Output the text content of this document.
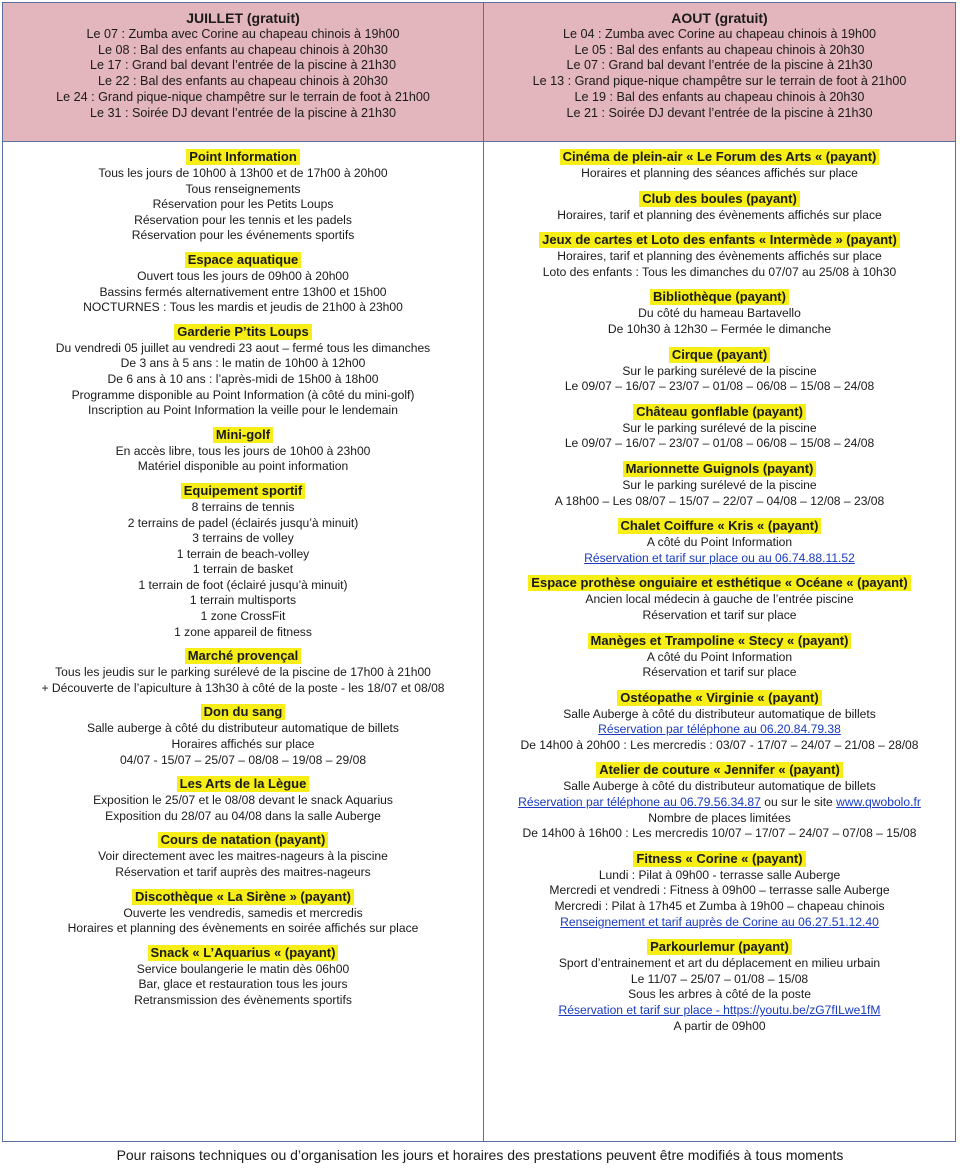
JUILLET (gratuit)
Le 07 : Zumba avec Corine au chapeau chinois à 19h00
Le 08 : Bal des enfants au chapeau chinois à 20h30
Le 17 : Grand bal devant l’entrée de la piscine à 21h30
Le 22 : Bal des enfants au chapeau chinois à 20h30
Le 24 : Grand pique-nique champêtre sur le terrain de foot à 21h00
Le 31 : Soirée DJ devant l’entrée de la piscine à 21h30
AOUT (gratuit)
Le 04 : Zumba avec Corine au chapeau chinois à 19h00
Le 05 : Bal des enfants au chapeau chinois à 20h30
Le 07 : Grand bal devant l’entrée de la piscine à 21h30
Le 13 : Grand pique-nique champêtre sur le terrain de foot à 21h00
Le 19 : Bal des enfants au chapeau chinois à 20h30
Le 21 : Soirée DJ devant l’entrée de la piscine à 21h30
Point Information
Tous les jours de 10h00 à 13h00 et de 17h00 à 20h00
Tous renseignements
Réservation pour les Petits Loups
Réservation pour les tennis et les padels
Réservation pour les événements sportifs
Espace aquatique
Ouvert tous les jours de 09h00 à 20h00
Bassins fermés alternativement entre 13h00 et 15h00
NOCTURNES : Tous les mardis et jeudis de 21h00 à 23h00
Garderie P’tits Loups
Du vendredi 05 juillet au vendredi 23 aout – fermé tous les dimanches
De 3 ans à 5 ans : le matin de 10h00 à 12h00
De 6 ans à 10 ans : l’après-midi de 15h00 à 18h00
Programme disponible au Point Information (à côté du mini-golf)
Inscription au Point Information la veille pour le lendemain
Mini-golf
En accès libre, tous les jours de 10h00 à 23h00
Matériel disponible au point information
Equipement sportif
8 terrains de tennis
2 terrains de padel (éclairés jusqu’à minuit)
3 terrains de volley
1 terrain de beach-volley
1 terrain de basket
1 terrain de foot (éclairé jusqu’à minuit)
1 terrain multisports
1 zone CrossFit
1 zone appareil de fitness
Marché provençal
Tous les jeudis sur le parking surélevé de la piscine de 17h00 à 21h00
+ Découverte de l’apiculture à 13h30 à côté de la poste - les 18/07 et 08/08
Don du sang
Salle auberge à côté du distributeur automatique de billets
Horaires affichés sur place
04/07 - 15/07 – 25/07 – 08/08 – 19/08 – 29/08
Les Arts de la Lègue
Exposition le 25/07 et le 08/08 devant le snack Aquarius
Exposition du 28/07 au 04/08 dans la salle Auberge
Cours de natation (payant)
Voir directement avec les maitres-nageurs à la piscine
Réservation et tarif auprès des maitres-nageurs
Discothèque « La Sirène » (payant)
Ouverte les vendredis, samedis et mercredis
Horaires et planning des évènements en soirée affichés sur place
Snack « L’Aquarius « (payant)
Service boulangerie le matin dès 06h00
Bar, glace et restauration tous les jours
Retransmission des évènements sportifs
Cinéma de plein-air « Le Forum des Arts « (payant)
Horaires et planning des séances affichés sur place
Club des boules (payant)
Horaires, tarif et planning des évènements affichés sur place
Jeux de cartes et Loto des enfants « Intermède » (payant)
Horaires, tarif et planning des évènements affichés sur place
Loto des enfants : Tous les dimanches du 07/07 au 25/08 à 10h30
Bibliothèque (payant)
Du côté du hameau Bartavello
De 10h30 à 12h30 – Fermée le dimanche
Cirque (payant)
Sur le parking surélevé de la piscine
Le 09/07 – 16/07 – 23/07 – 01/08 – 06/08 – 15/08 – 24/08
Château gonflable (payant)
Sur le parking surélevé de la piscine
Le 09/07 – 16/07 – 23/07 – 01/08 – 06/08 – 15/08 – 24/08
Marionnette Guignols (payant)
Sur le parking surélevé de la piscine
A 18h00 – Les 08/07 – 15/07 – 22/07 – 04/08 – 12/08 – 23/08
Chalet Coiffure « Kris « (payant)
A côté du Point Information
Réservation et tarif sur place ou au 06.74.88.11.52
Espace prothèse onguiaire et esthétique « Océane « (payant)
Ancien local médecin à gauche de l’entrée piscine
Réservation et tarif sur place
Manèges et Trampoline « Stecy « (payant)
A côté du Point Information
Réservation et tarif sur place
Ostéopathe « Virginie « (payant)
Salle Auberge à côté du distributeur automatique de billets
Réservation par téléphone au 06.20.84.79.38
De 14h00 à 20h00 : Les mercredis : 03/07 - 17/07 – 24/07 – 21/08 – 28/08
Atelier de couture « Jennifer « (payant)
Salle Auberge à côté du distributeur automatique de billets
Réservation par téléphone au 06.79.56.34.87 ou sur le site www.qwobolo.fr
Nombre de places limitées
De 14h00 à 16h00 : Les mercredis 10/07 – 17/07 – 24/07 – 07/08 – 15/08
Fitness « Corine « (payant)
Lundi : Pilat à 09h00 - terrasse salle Auberge
Mercredi et vendredi : Fitness à 09h00 – terrasse salle Auberge
Mercredi : Pilat à 17h45 et Zumba à 19h00 – chapeau chinois
Renseignement et tarif auprès de Corine au 06.27.51.12.40
Parkourlemur (payant)
Sport d’entrainement et art du déplacement en milieu urbain
Le 11/07 – 25/07 – 01/08 – 15/08
Sous les arbres à côté de la poste
Réservation et tarif sur place - https://youtu.be/zG7fILwe1fM
A partir de 09h00
Pour raisons techniques ou d’organisation les jours et horaires des prestations peuvent être modifiés à tous moments
